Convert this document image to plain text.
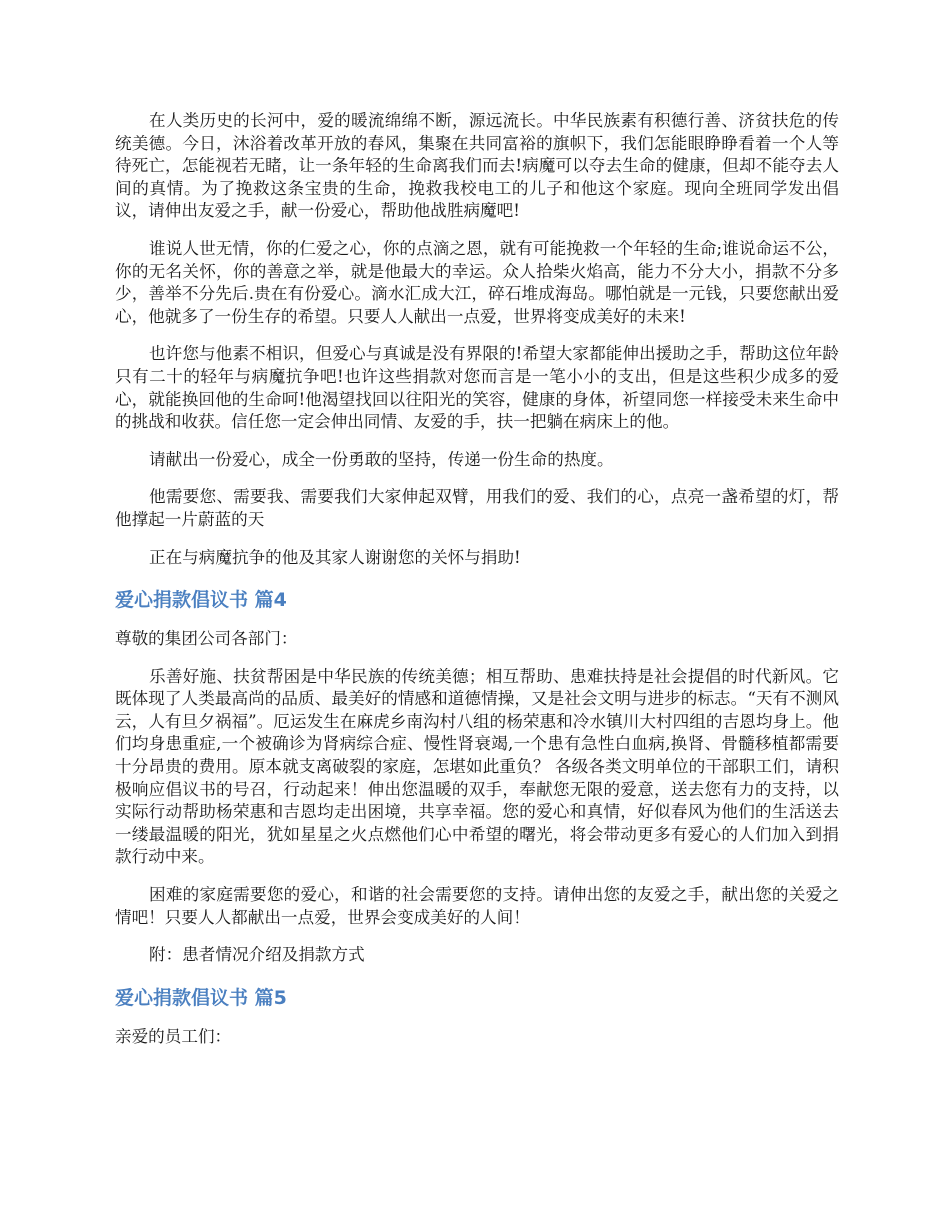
在人类历史的长河中，爱的暖流绵绵不断，源远流长。中华民族素有积德行善、济贫扶危的传统美德。今日，沐浴着改革开放的春风，集聚在共同富裕的旗帜下，我们怎能眼睁睁看着一个人等待死亡，怎能视若无睹，让一条年轻的生命离我们而去!病魔可以夺去生命的健康，但却不能夺去人间的真情。为了挽救这条宝贵的生命，挽救我校电工的儿子和他这个家庭。现向全班同学发出倡议，请伸出友爱之手，献一份爱心，帮助他战胜病魔吧!

谁说人世无情，你的仁爱之心，你的点滴之恩，就有可能挽救一个年轻的生命;谁说命运不公，你的无名关怀，你的善意之举，就是他最大的幸运。众人拾柴火焰高，能力不分大小，捐款不分多少，善举不分先后.贵在有份爱心。滴水汇成大江，碎石堆成海岛。哪怕就是一元钱，只要您献出爱心，他就多了一份生存的希望。只要人人献出一点爱，世界将变成美好的未来!

也许您与他素不相识，但爱心与真诚是没有界限的!希望大家都能伸出援助之手，帮助这位年龄只有二十的轻年与病魔抗争吧!也许这些捐款对您而言是一笔小小的支出，但是这些积少成多的爱心，就能换回他的生命呵!他渴望找回以往阳光的笑容，健康的身体，祈望同您一样接受未来生命中的挑战和收获。信任您一定会伸出同情、友爱的手，扶一把躺在病床上的他。

请献出一份爱心，成全一份勇敢的坚持，传递一份生命的热度。

他需要您、需要我、需要我们大家伸起双臂，用我们的爱、我们的心，点亮一盏希望的灯，帮他撑起一片蔚蓝的天

正在与病魔抗争的他及其家人谢谢您的关怀与捐助!

爱心捐款倡议书 篇4

尊敬的集团公司各部门：

乐善好施、扶贫帮困是中华民族的传统美德；相互帮助、患难扶持是社会提倡的时代新风。它既体现了人类最高尚的品质、最美好的情感和道德情操，又是社会文明与进步的标志。“天有不测风云，人有旦夕祸福”。厄运发生在麻虎乡南沟村八组的杨荣惠和冷水镇川大村四组的吉恩均身上。他们均身患重症,一个被确诊为肾病综合症、慢性肾衰竭,一个患有急性白血病,换肾、骨髓移植都需要十分昂贵的费用。原本就支离破裂的家庭，怎堪如此重负？ 各级各类文明单位的干部职工们，请积极响应倡议书的号召，行动起来！伸出您温暖的双手，奉献您无限的爱意，送去您有力的支持，以实际行动帮助杨荣惠和吉恩均走出困境，共享幸福。您的爱心和真情，好似春风为他们的生活送去一缕最温暖的阳光，犹如星星之火点燃他们心中希望的曙光，将会带动更多有爱心的人们加入到捐款行动中来。

困难的家庭需要您的爱心，和谐的社会需要您的支持。请伸出您的友爱之手，献出您的关爱之情吧！只要人人都献出一点爱，世界会变成美好的人间！

附：患者情况介绍及捐款方式

爱心捐款倡议书 篇5

亲爱的员工们：
